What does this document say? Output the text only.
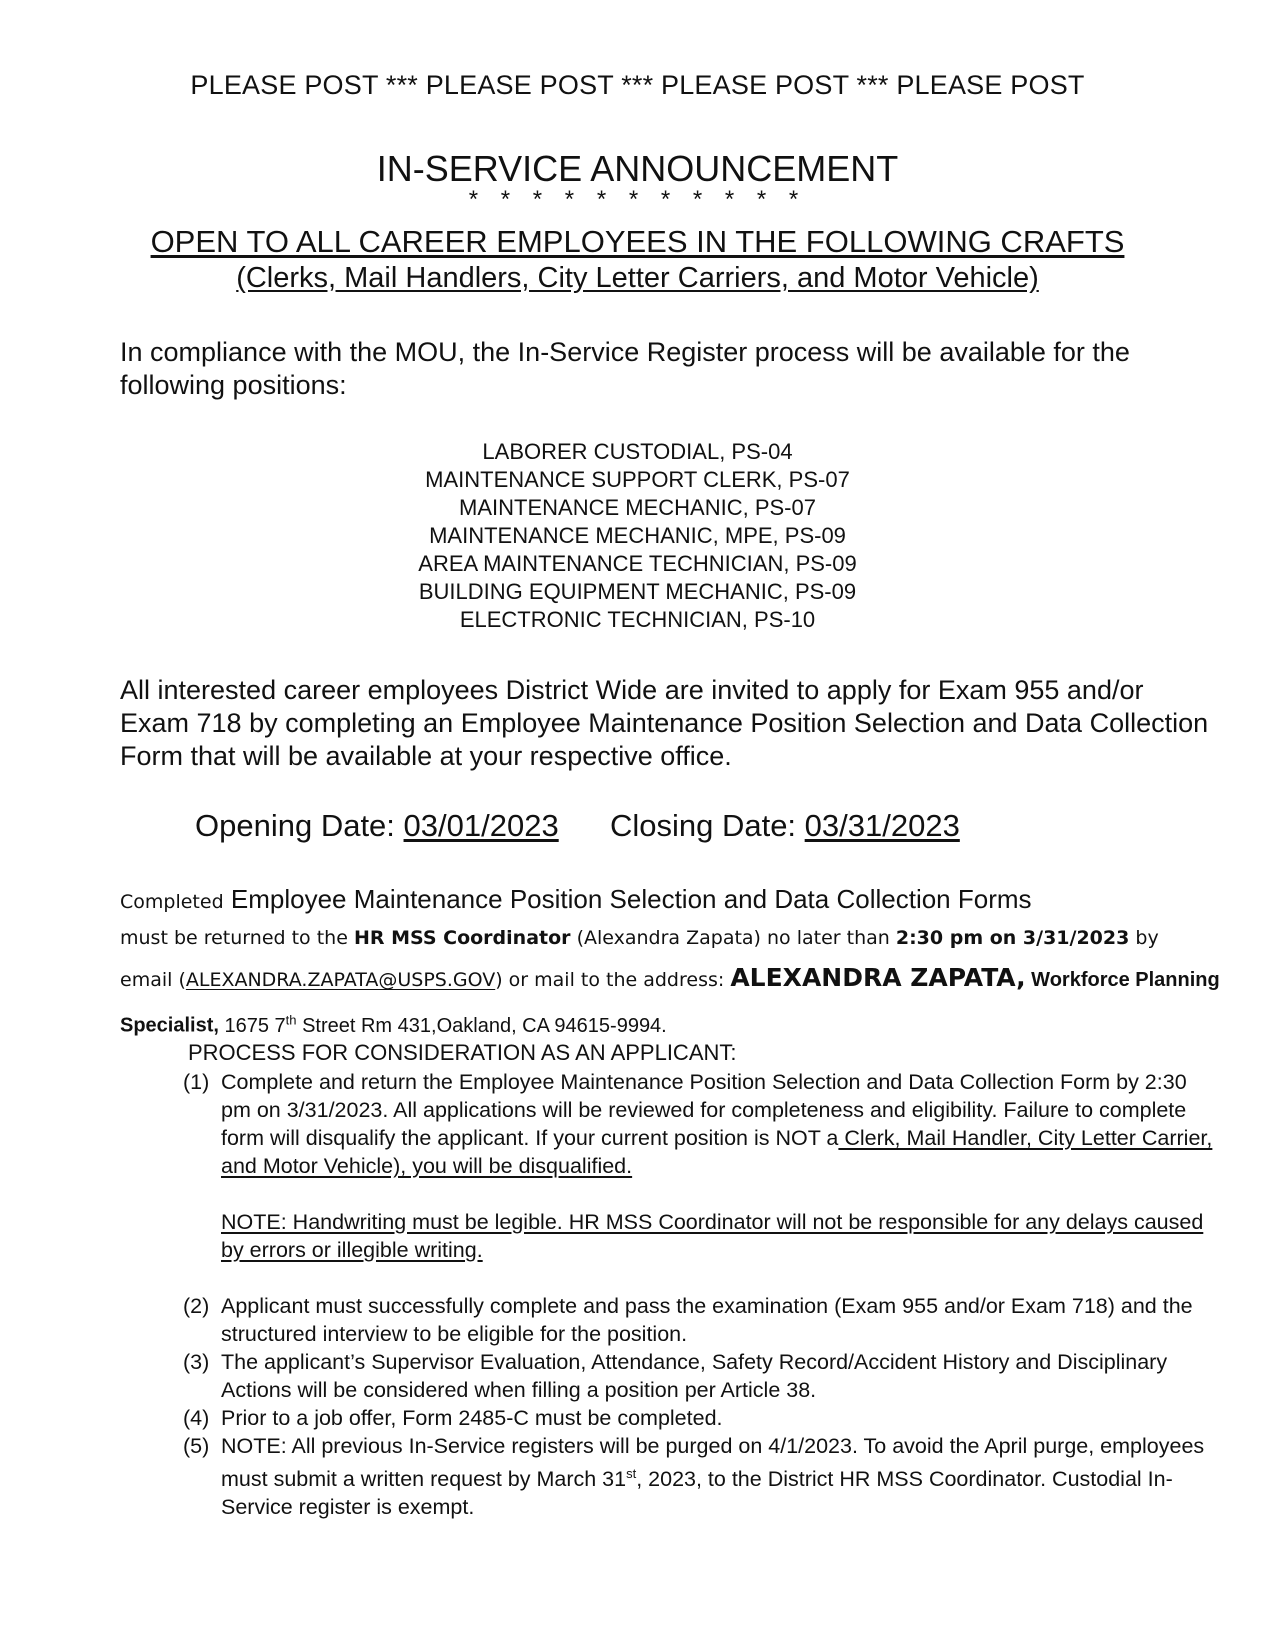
PLEASE POST *** PLEASE POST *** PLEASE POST *** PLEASE POST
IN-SERVICE ANNOUNCEMENT
* * * * * * * * * * *
OPEN TO ALL CAREER EMPLOYEES IN THE FOLLOWING CRAFTS
(Clerks, Mail Handlers, City Letter Carriers, and Motor Vehicle)
In compliance with the MOU, the In-Service Register process will be available for the following positions:
LABORER CUSTODIAL, PS-04
MAINTENANCE SUPPORT CLERK, PS-07
MAINTENANCE MECHANIC, PS-07
MAINTENANCE MECHANIC, MPE, PS-09
AREA MAINTENANCE TECHNICIAN, PS-09
BUILDING EQUIPMENT MECHANIC, PS-09
ELECTRONIC TECHNICIAN, PS-10
All interested career employees District Wide are invited to apply for Exam 955 and/or Exam 718 by completing an Employee Maintenance Position Selection and Data Collection Form that will be available at your respective office.
Opening Date: 03/01/2023 Closing Date: 03/31/2023
Completed Employee Maintenance Position Selection and Data Collection Forms
must be returned to the HR MSS Coordinator (Alexandra Zapata) no later than 2:30 pm on 3/31/2023 by
email (ALEXANDRA.ZAPATA@USPS.GOV) or mail to the address: ALEXANDRA ZAPATA, Workforce Planning Specialist, 1675 7th Street Rm 431,Oakland, CA 94615-9994.
PROCESS FOR CONSIDERATION AS AN APPLICANT:
(1) Complete and return the Employee Maintenance Position Selection and Data Collection Form by 2:30 pm on 3/31/2023. All applications will be reviewed for completeness and eligibility. Failure to complete form will disqualify the applicant. If your current position is NOT a Clerk, Mail Handler, City Letter Carrier, and Motor Vehicle), you will be disqualified.
NOTE: Handwriting must be legible. HR MSS Coordinator will not be responsible for any delays caused by errors or illegible writing.
(2) Applicant must successfully complete and pass the examination (Exam 955 and/or Exam 718) and the structured interview to be eligible for the position.
(3) The applicant’s Supervisor Evaluation, Attendance, Safety Record/Accident History and Disciplinary Actions will be considered when filling a position per Article 38.
(4) Prior to a job offer, Form 2485-C must be completed.
(5) NOTE: All previous In-Service registers will be purged on 4/1/2023. To avoid the April purge, employees must submit a written request by March 31st, 2023, to the District HR MSS Coordinator. Custodial In-Service register is exempt.
